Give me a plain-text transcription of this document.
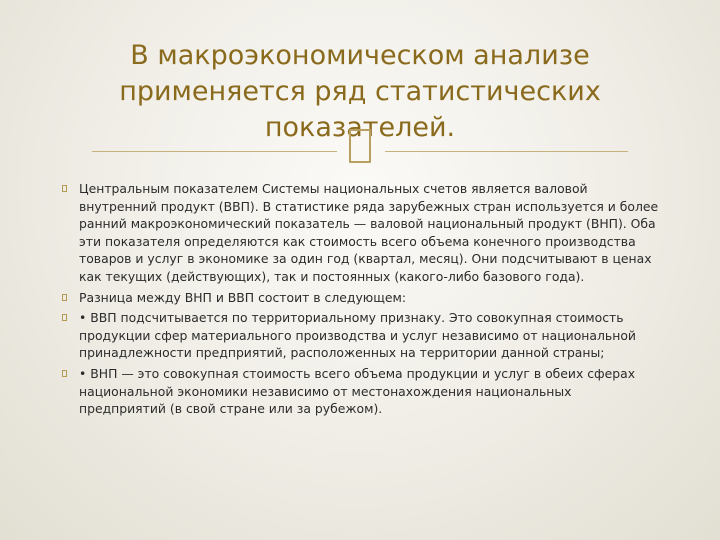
В макроэкономическом анализе применяется ряд статистических показателей.
Центральным показателем Системы национальных счетов является валовой внутренний продукт (ВВП). В статистике ряда зарубежных стран используется и более ранний макроэкономический показатель — валовой национальный продукт (ВНП). Оба эти показателя определяются как стоимость всего объема конечного производства товаров и услуг в экономике за один год (квартал, месяц). Они подсчитывают в ценах как текущих (действующих), так и постоянных (какого-либо базового года).
Разница между ВНП и ВВП состоит в следующем:
• ВВП подсчитывается по территориальному признаку. Это совокупная стоимость продукции сфер материального производства и услуг независимо от национальной принадлежности предприятий, расположенных на территории данной страны;
• ВНП — это совокупная стоимость всего объема продукции и услуг в обеих сферах национальной экономики независимо от местонахождения национальных предприятий (в свой стране или за рубежом).
